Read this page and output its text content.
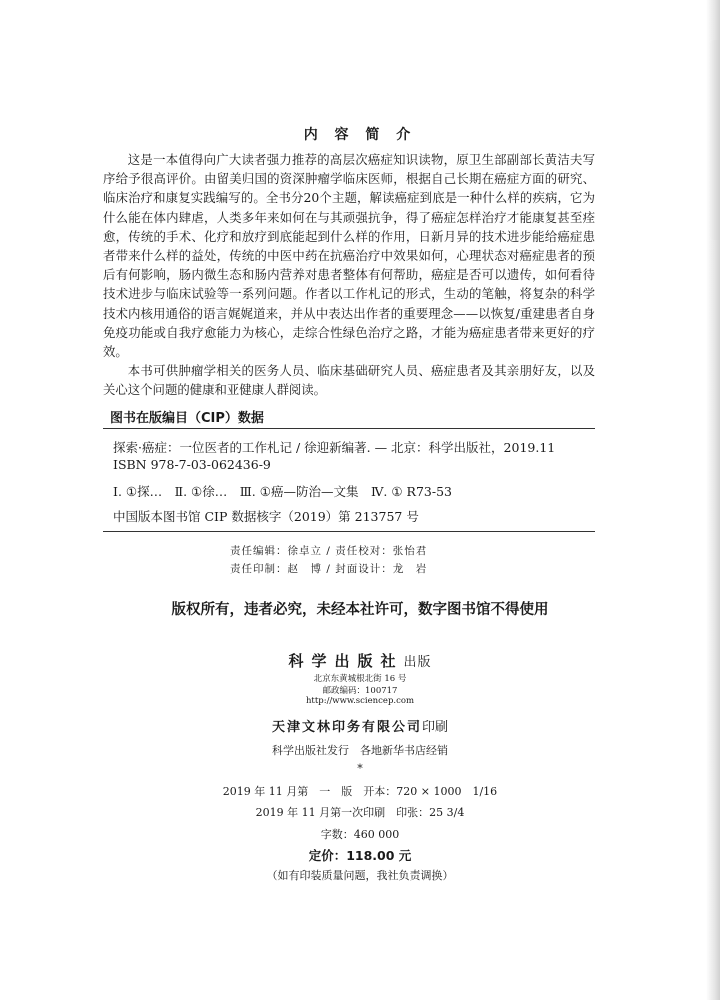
内 容 简 介

这是一本值得向广大读者强力推荐的高层次癌症知识读物，原卫生部副部长黄洁夫写序给予很高评价。由留美归国的资深肿瘤学临床医师，根据自己长期在癌症方面的研究、临床治疗和康复实践编写的。全书分20个主题，解读癌症到底是一种什么样的疾病，它为什么能在体内肆虐，人类多年来如何在与其顽强抗争，得了癌症怎样治疗才能康复甚至痊愈，传统的手术、化疗和放疗到底能起到什么样的作用，日新月异的技术进步能给癌症患者带来什么样的益处，传统的中医中药在抗癌治疗中效果如何，心理状态对癌症患者的预后有何影响，肠内微生态和肠内营养对患者整体有何帮助，癌症是否可以遗传，如何看待技术进步与临床试验等一系列问题。作者以工作札记的形式，生动的笔触，将复杂的科学技术内核用通俗的语言娓娓道来，并从中表达出作者的重要理念——以恢复/重建患者自身免疫功能或自我疗愈能力为核心，走综合性绿色治疗之路，才能为癌症患者带来更好的疗效。

本书可供肿瘤学相关的医务人员、临床基础研究人员、癌症患者及其亲朋好友，以及关心这个问题的健康和亚健康人群阅读。

图书在版编目（CIP）数据
探索·癌症：一位医者的工作札记 / 徐迎新编著. — 北京：科学出版社，2019.11
ISBN 978-7-03-062436-9
Ⅰ. ①探…　Ⅱ. ①徐…　Ⅲ. ①癌—防治—文集　Ⅳ. ① R73-53
中国版本图书馆 CIP 数据核字（2019）第 213757 号
责任编辑：徐卓立 / 责任校对：张怡君
责任印制：赵　博 / 封面设计：龙　岩
版权所有，违者必究，未经本社许可，数字图书馆不得使用
科学出版社出版
北京东黄城根北街 16 号
邮政编码：100717
http://www.sciencep.com
天津文林印务有限公司印刷
科学出版社发行　各地新华书店经销
*
2019 年 11 月第　一　版　开本：720 × 1000　1/16
2019 年 11 月第一次印刷　印张：25 3/4
字数：460 000
定价：118.00 元
（如有印装质量问题，我社负责调换）
